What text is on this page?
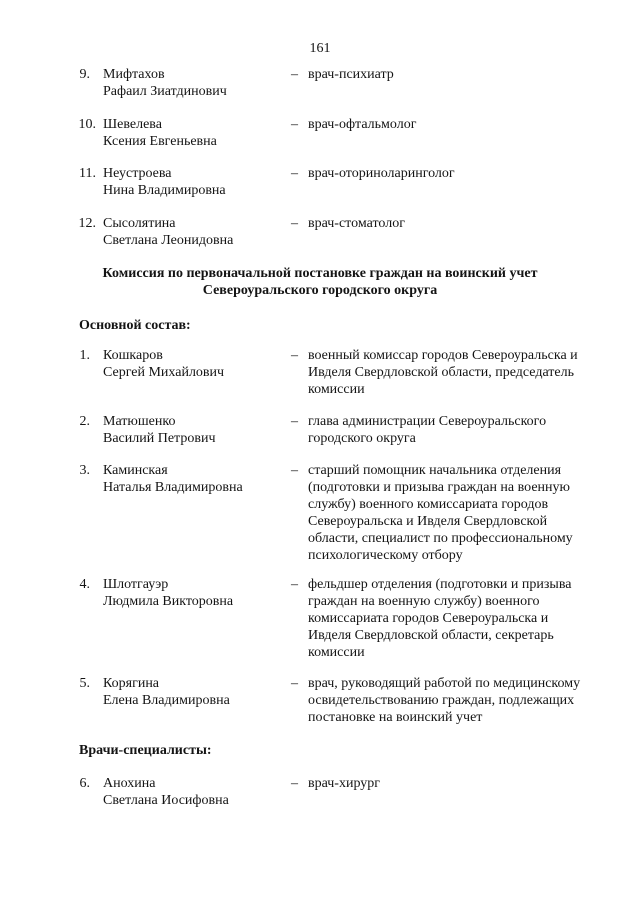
161
9. Мифтахов
Рафаил Зиатдинович
– врач-психиатр
10. Шевелева
Ксения Евгеньевна
– врач-офтальмолог
11. Неустроева
Нина Владимировна
– врач-оториноларинголог
12. Сысолятина
Светлана Леонидовна
– врач-стоматолог
Комиссия по первоначальной постановке граждан на воинский учет
Североуральского городского округа
Основной состав:
1. Кошкаров
Сергей Михайлович
– военный комиссар городов Североуральска и
Ивделя Свердловской области, председатель
комиссии
2. Матюшенко
Василий Петрович
– глава администрации Североуральского
городского округа
3. Каминская
Наталья Владимировна
– старший помощник начальника отделения
(подготовки и призыва граждан на военную
службу) военного комиссариата городов
Североуральска и Ивделя Свердловской
области, специалист по профессиональному
психологическому отбору
4. Шлотгауэр
Людмила Викторовна
– фельдшер отделения (подготовки и призыва
граждан на военную службу) военного
комиссариата городов Североуральска и
Ивделя Свердловской области, секретарь
комиссии
5. Корягина
Елена Владимировна
– врач, руководящий работой по медицинскому
освидетельствованию граждан, подлежащих
постановке на воинский учет
Врачи-специалисты:
6. Анохина
Светлана Иосифовна
– врач-хирург
